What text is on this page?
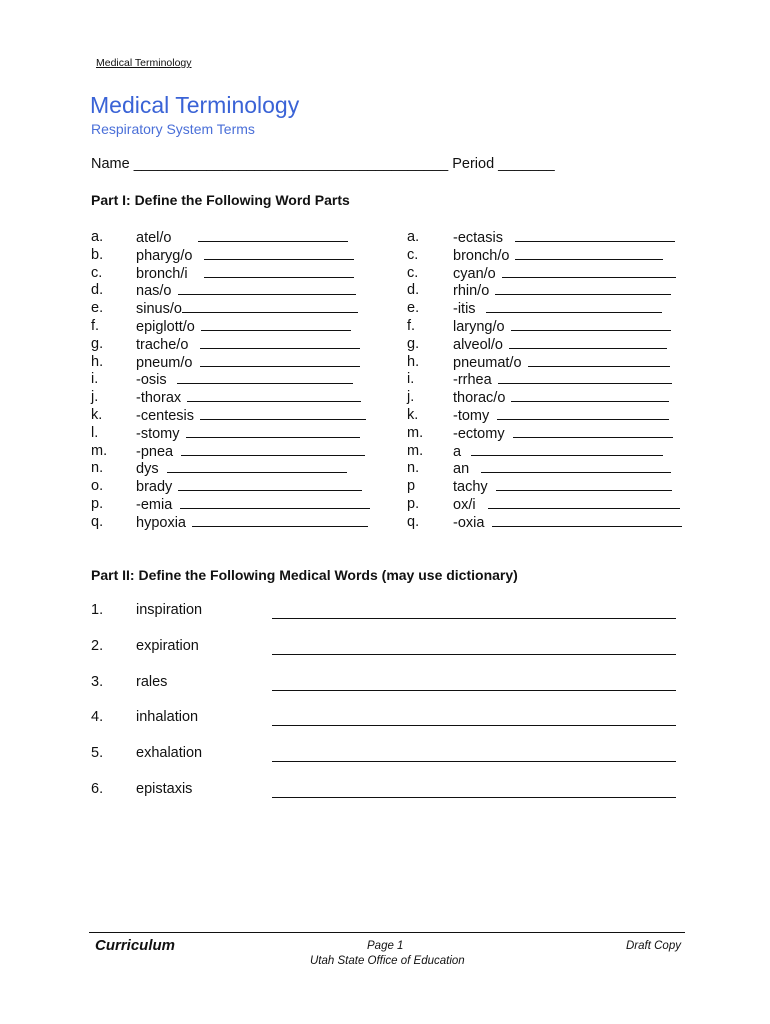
Medical Terminology
Medical Terminology
Respiratory System Terms
Name _______________________________________ Period _______
Part I: Define the Following Word Parts
a. atel/o
b. pharyg/o
c. bronch/i
d. nas/o
e. sinus/o
f.	epiglott/o
g. trache/o
h. pneum/o
i.	-osis
j.	-thorax
k. -centesis
l.	-stomy
m. -pnea
n. dys
o. brady
p. -emia
q. hypoxia
a. -ectasis
c. bronch/o
c. cyan/o
d. rhin/o
e. -itis
f.	laryng/o
g. alveol/o
h. pneumat/o
i.	-rrhea
j.	thorac/o
k. -tomy
m. -ectomy
m. a
n. an
p	tachy
p. ox/i
q. -oxia
Part II: Define the Following Medical Words (may use dictionary)
1. inspiration
2. expiration
3. rales
4. inhalation
5. exhalation
6. epistaxis
Curriculum	Page 1
Utah State Office of Education
Draft Copy
